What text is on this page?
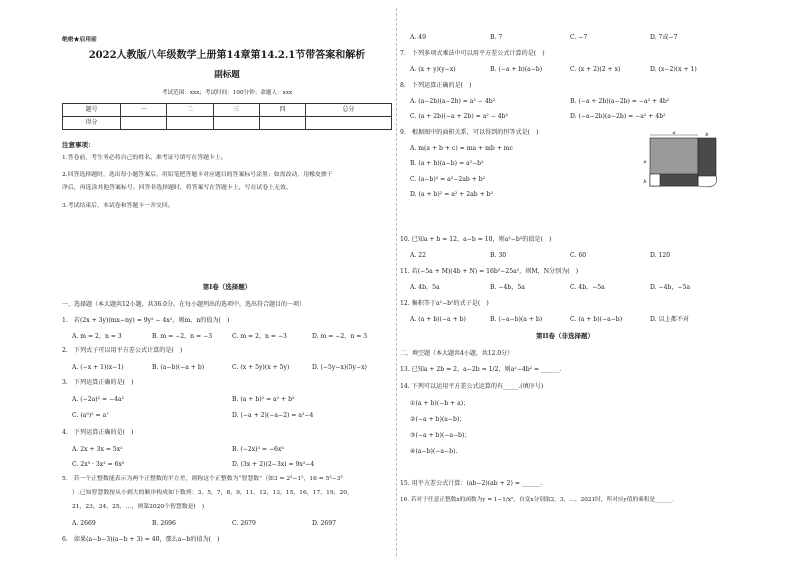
绝密★启用前
2022人教版八年级数学上册第14章第14.2.1节带答案和解析
副标题
考试范围：xxx；考试时间：100分钟；命题人：xxx
题号	一	二	三	四	总分
得分					
注意事项：
1.答卷前，考生务必将自己的姓名、准考证号填写在答题卡上。
2.回答选择题时，选出每小题答案后，用铅笔把答题卡对应题目的答案标号涂黑；如需改动，用橡皮擦干
净后，再选涂其他答案标号。回答非选择题时，将答案写在答题卡上，写在试卷上无效。
3.考试结束后，本试卷和答题卡一并交回。
第I卷（选择题）
一、选择题（本大题共12小题，共36.0分。在每小题列出的选项中，选出符合题目的一项）
1.　若(2x + 3y)(mx−ny) = 9y² − 4x²，则m、n的值为(　)
A. m = 2，n = 3	B. m = −2，n = −3	C. m = 2，n = −3	D. m = −2，n = 3
2.　下列式子可以用平方差公式计算的是(　)
A. (−x + 1)(x−1)	B. (a−b)(−a + b)	C. (x + 5y)(x + 5y)	D. (−5y−x)(5y−x)
3.　下列运算正确的是(　)
A. (−2a)² = −4a²	B. (a + b)² = a² + b²
C. (a⁵)² = a⁷	D. (−a + 2)(−a−2) = a²−4
4.　下列运算正确的是(　)
A. 2x + 3x = 5x²	B. (−2x)³ = −6x³
C. 2x³ · 3x² = 6x⁵	D. (3x + 2)(2−3x) = 9x²−4
5.　若一个正整数能表示为两个正整数的平方差，则称这个正整数为“智慧数”（如3 = 2²−1²，16 = 5²−3²
）.已知智慧数按从小到大的顺序构成如下数列：3，5，7，8，9，11，12，13，15，16，17，19，20，
21，23，24，25，…，则第2020个智慧数是(　)
A. 2669	B. 2696	C. 2679	D. 2697
6.　如果(a−b−3)(a−b + 3) = 40，那么a−b的值为(　)
A. 49	B. 7	C. −7	D. 7或−7
7.　下列多项式乘法中可以用平方差公式计算的是(　)
A. (x + y)(y−x)	B. (−a + b)(a−b)	C. (x + 2)(2 + x)	D. (x−2)(x + 1)
8.　下列运算正确的是(　)
A. (a−2b)(a−2b) = a² − 4b²	B. (−a + 2b)(a−2b) = −a² + 4b²
C. (a + 2b)(−a + 2b) = a² − 4b²	D. (−a−2b)(a−2b) = −a² + 4b²
9.　根据图中的面积关系，可以得到的恒等式是(　)
A. m(a + b + c) = ma + mb + mc
B. (a + b)(a−b) = a²−b²
C. (a−b)² = a²−2ab + b²
D. (a + b)² = a² + 2ab + b²
a	b
a
b
10. 已知a + b = 12，a−b = 10，则a²−b²的值是(　)
A. 22	B. 30	C. 60	D. 120
11. 若(−5a + M)(4b + N) = 16b²−25a²，则M，N分别为(　)
A. 4b，5a	B. −4b，5a	C. 4b，−5a	D. −4b，−5a
12. 集积等于a²−b²的式子是(　)
A. (a + b)(−a + b)	B. (−a−b)(a + b)	C. (a + b)(−a−b)	D. 以上都不对
第II卷（非选择题）
二、填空题（本大题共4小题，共12.0分）
13. 已知a + 2b = 2，a−2b = 1/2，则a²−4b² = ______.
14. 下列可以运用平方差公式运算的有_____.(填序号)
①(a + b)(−b + a)；
②(−a + b)(a−b)；
③(−a + b)(−a−b)；
④(a−b)(−a−b).
15. 用平方差公式计算：(ab−2)(ab + 2) = ______.
16. 若对于任意正整数x的函数为y = 1−1/x²，自变x分别取2，3，…，2021时，所对应y值的乘积是______.
